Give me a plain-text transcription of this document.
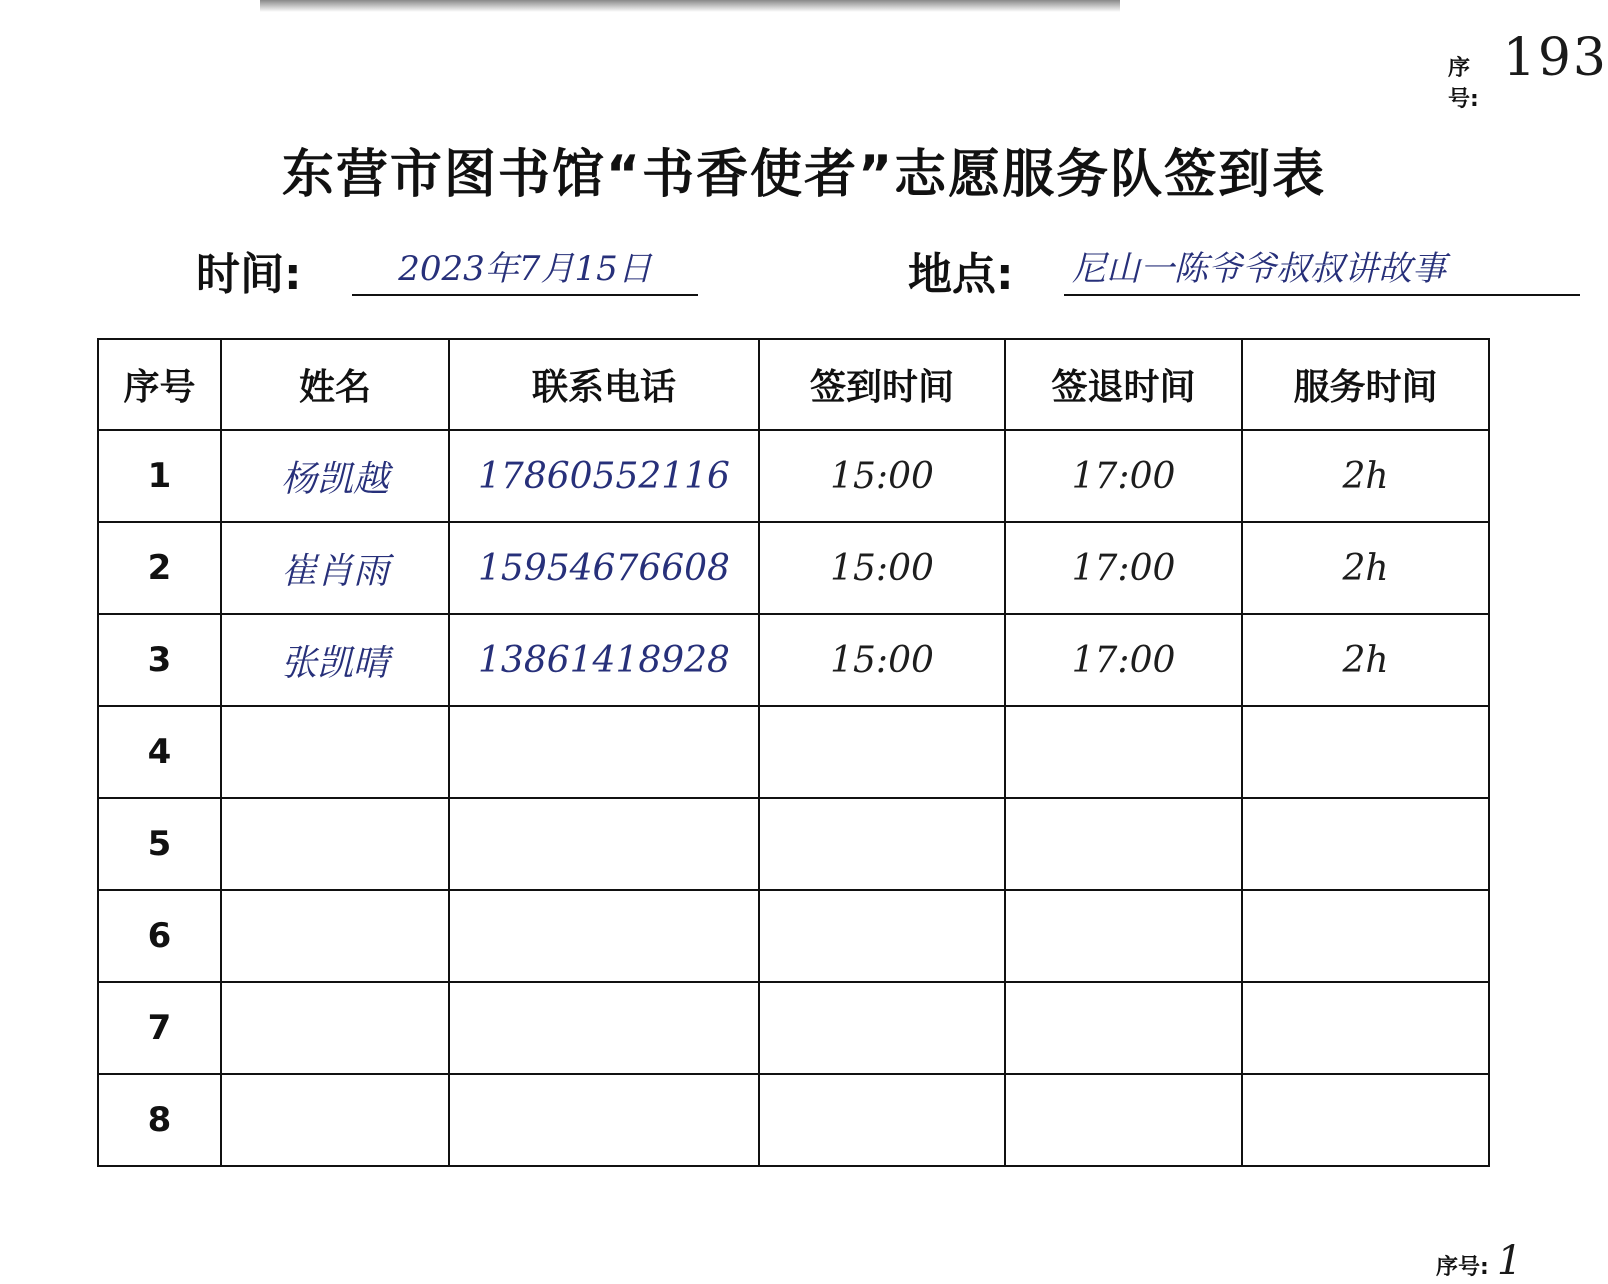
序号:
193
东营市图书馆“书香使者”志愿服务队签到表
时间:	2023年7月15日	地点: 尼山一陈爷爷叔叔讲故事
序号	姓名	联系电话	签到时间	签退时间	服务时间
1	杨凯越	17860552116	15:00	17:00	2h
2	崔肖雨	15954676608	15:00	17:00	2h
3	张凯晴	13861418928	15:00	17:00	2h
4					
5					
6					
7					
8					
序号: 1
